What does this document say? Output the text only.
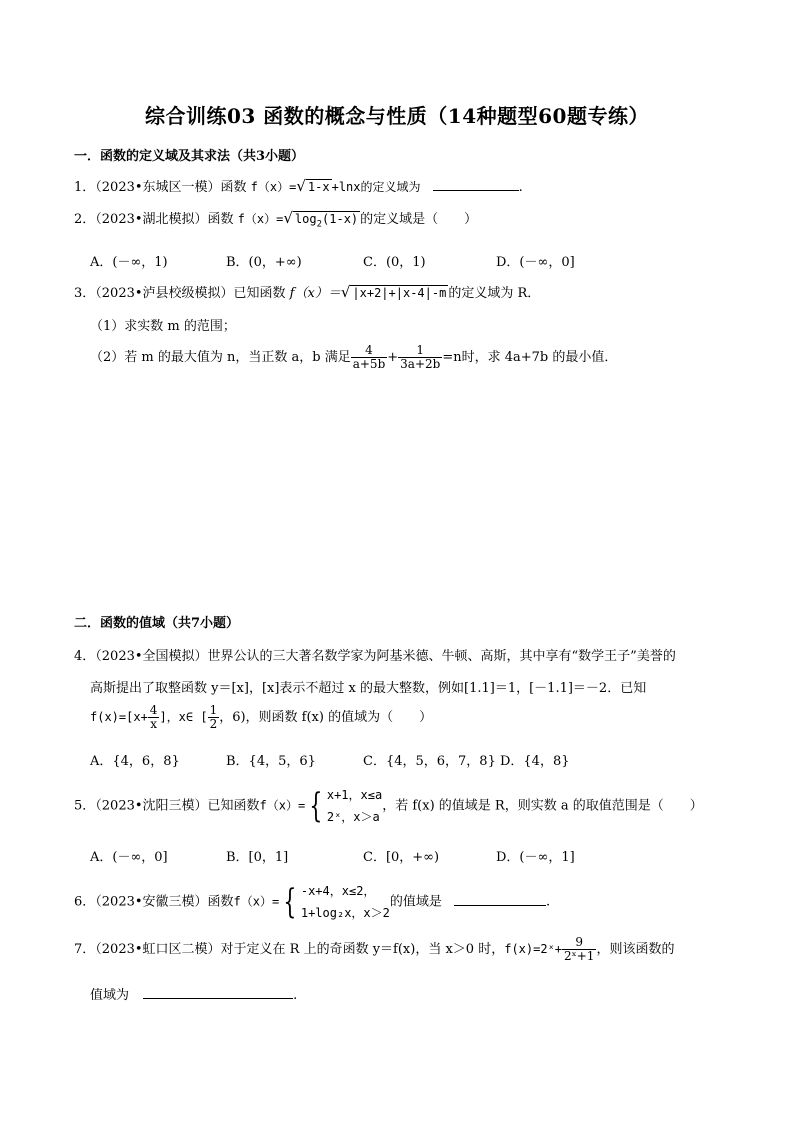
综合训练03 函数的概念与性质（14种题型60题专练）
一．函数的定义域及其求法（共3小题）
1．（2023•东城区一模）函数 f（x）=√ 1-x +lnx的定义域为	.
2．（2023•湖北模拟）函数 f（x）=√ $\log_2(1-x)$ 的定义域是（　　）
A．(－∞，1)	B．(0，+∞)	C．(0，1)	D．(－∞，0]
3．（2023•泸县校级模拟）已知函数 f（x）＝√ |x+2|+|x-4|-m 的定义域为 R．
（1）求实数 m 的范围；
（2）若 m 的最大值为 n，当正数 a，b 满足 $\frac{4}{a+5b} + \frac{1}{3a+2b} =n$时，求 4a+7b 的最小值．
二．函数的值域（共7小题）
4．（2023•全国模拟）世界公认的三大著名数学家为阿基米德、牛顿、高斯，其中享有“数学王子”美誉的
高斯提出了取整函数 y＝[x]，[x]表示不超过 x 的最大整数，例如[1.1]＝1，[－1.1]＝－2．已知
$f(x)=[x+ \frac{4}{x}$ ]，x∈ [ $\frac{1}{2}$ ，6)，则函数 f(x) 的值域为（　　）
A．{4，6，8}	B．{4，5，6}	C．{4，5，6，7，8} D．{4，8}
5．（2023•沈阳三模）已知函数f（x）= { x+1，x≤a
2ˣ，x＞a
，若 f(x) 的值域是 R，则实数 a 的取值范围是（　　）
A．(－∞，0]	B．[0，1]	C．[0，+∞)	D．(－∞，1]
6．（2023•安徽三模）函数f（x）= { -x+4，x≤2，
1+log₂x，x＞2
的值域是	.
7．（2023•虹口区二模）对于定义在 R 上的奇函数 y＝f(x)，当 x＞0 时，f(x)=2ˣ+ $\frac{9}{\text{2ˣ+1}}$ ，则该函数的
值域为	.
